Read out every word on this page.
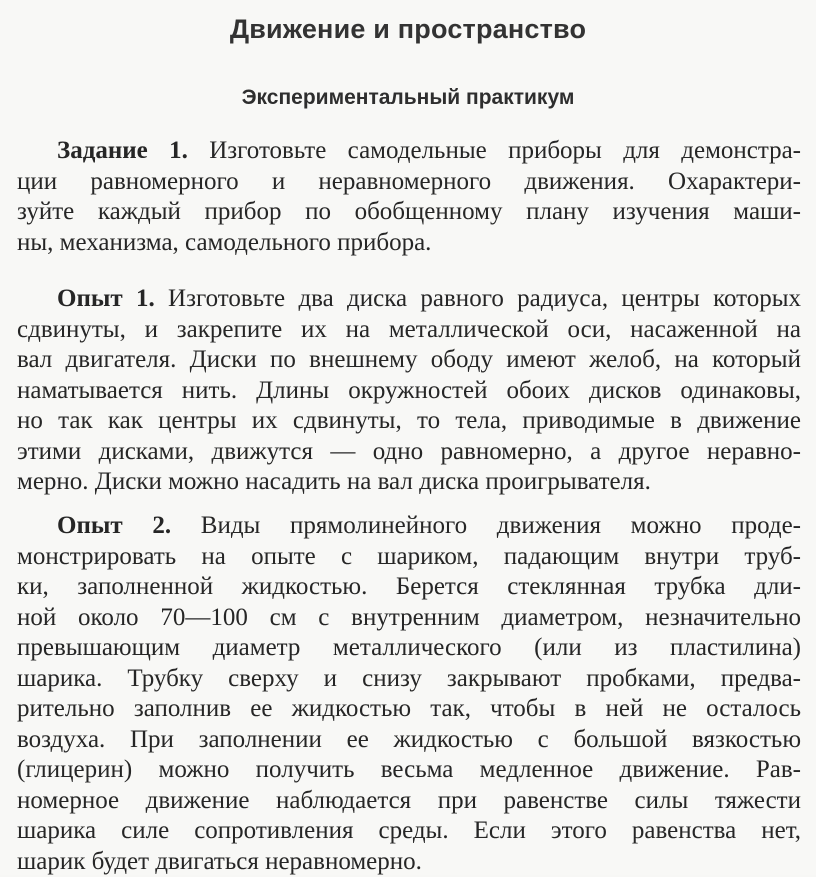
Движение и пространство
Экспериментальный практикум
Задание 1. Изготовьте самодельные приборы для демонстра-
ции равномерного и неравномерного движения. Охарактери-
зуйте каждый прибор по обобщенному плану изучения маши-
ны, механизма, самодельного прибора.
Опыт 1. Изготовьте два диска равного радиуса, центры которых
сдвинуты, и закрепите их на металлической оси, насаженной на
вал двигателя. Диски по внешнему ободу имеют желоб, на который
наматывается нить. Длины окружностей обоих дисков одинаковы,
но так как центры их сдвинуты, то тела, приводимые в движение
этими дисками, движутся — одно равномерно, а другое неравно-
мерно. Диски можно насадить на вал диска проигрывателя.
Опыт 2. Виды прямолинейного движения можно проде-
монстрировать на опыте с шариком, падающим внутри труб-
ки, заполненной жидкостью. Берется стеклянная трубка дли-
ной около 70—100 см с внутренним диаметром, незначительно
превышающим диаметр металлического (или из пластилина)
шарика. Трубку сверху и снизу закрывают пробками, предва-
рительно заполнив ее жидкостью так, чтобы в ней не осталось
воздуха. При заполнении ее жидкостью с большой вязкостью
(глицерин) можно получить весьма медленное движение. Рав-
номерное движение наблюдается при равенстве силы тяжести
шарика силе сопротивления среды. Если этого равенства нет,
шарик будет двигаться неравномерно.
